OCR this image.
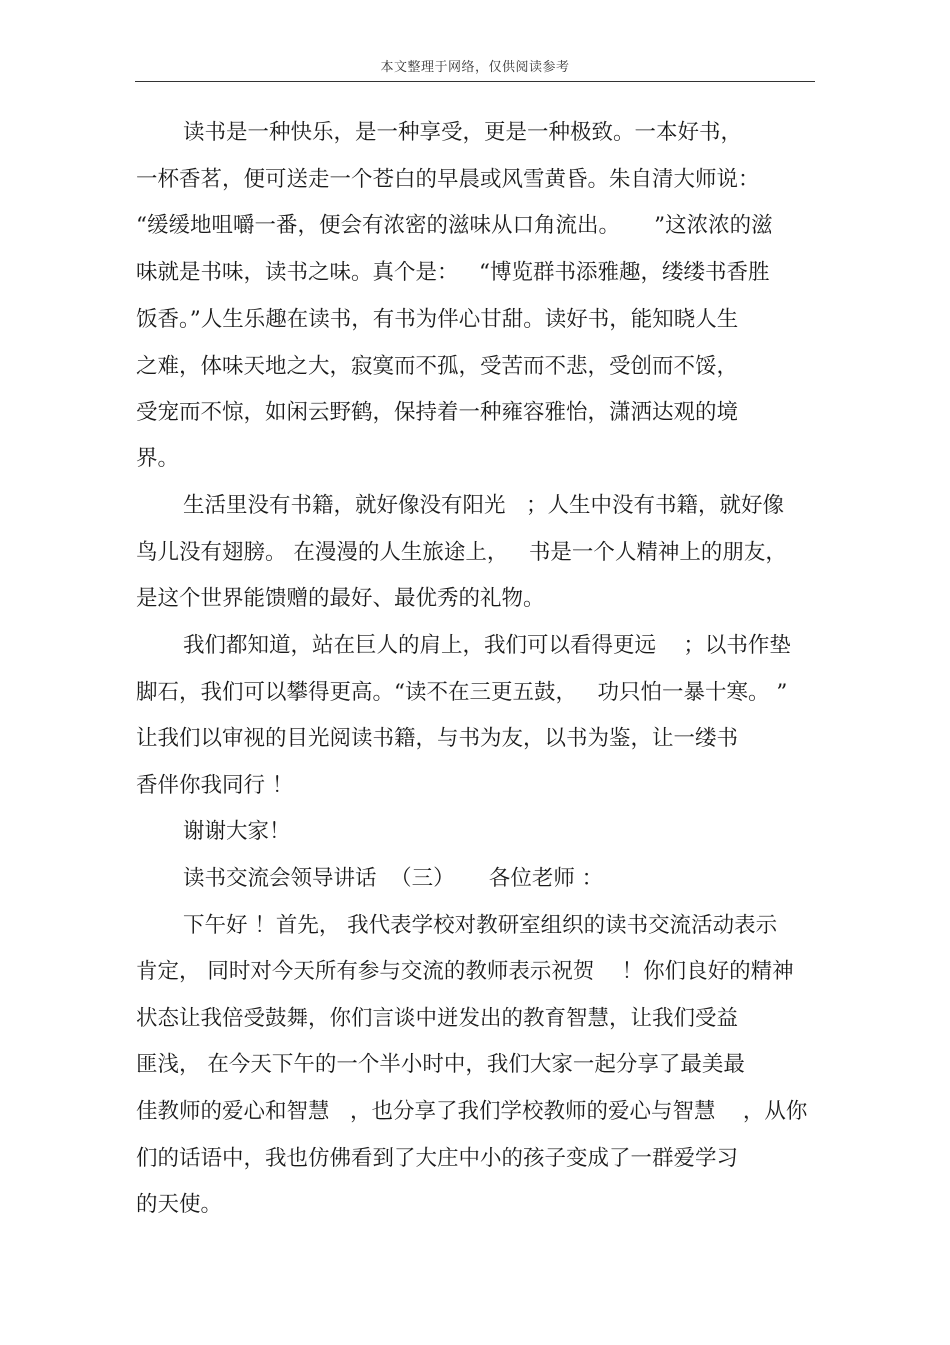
本文整理于网络，仅供阅读参考
读书是一种快乐，是一种享受，更是一种极致。一本好书，
一杯香茗，便可送走一个苍白的早晨或风雪黄昏。朱自清大师说：
“缓缓地咀嚼一番，便会有浓密的滋味从口角流出。     ”这浓浓的滋
味就是书味，读书之味。真个是：   “博览群书添雅趣，缕缕书香胜
饭香。”人生乐趣在读书，有书为伴心甘甜。读好书，能知晓人生
之难，体味天地之大，寂寞而不孤，受苦而不悲，受创而不馁，
受宠而不惊，如闲云野鹤，保持着一种雍容雅怡，潇洒达观的境
界。
生活里没有书籍，就好像没有阳光   ；人生中没有书籍，就好像
鸟儿没有翅膀。 在漫漫的人生旅途上，   书是一个人精神上的朋友，
是这个世界能馈赠的最好、最优秀的礼物。
我们都知道，站在巨人的肩上，我们可以看得更远    ；以书作垫
脚石，我们可以攀得更高。“读不在三更五鼓，   功只怕一暴十寒。 ”
让我们以审视的目光阅读书籍，与书为友，以书为鉴，让一缕书
香伴你我同行 ！
谢谢大家！
读书交流会领导讲话  （三）     各位老师 ：
下午好 ！首先， 我代表学校对教研室组织的读书交流活动表示
肯定， 同时对今天所有参与交流的教师表示祝贺    ！你们良好的精神
状态让我倍受鼓舞，你们言谈中迸发出的教育智慧，让我们受益
匪浅， 在今天下午的一个半小时中，我们大家一起分享了最美最
佳教师的爱心和智慧   ，也分享了我们学校教师的爱心与智慧    ，从你
们的话语中，我也仿佛看到了大庄中小的孩子变成了一群爱学习
的天使。
